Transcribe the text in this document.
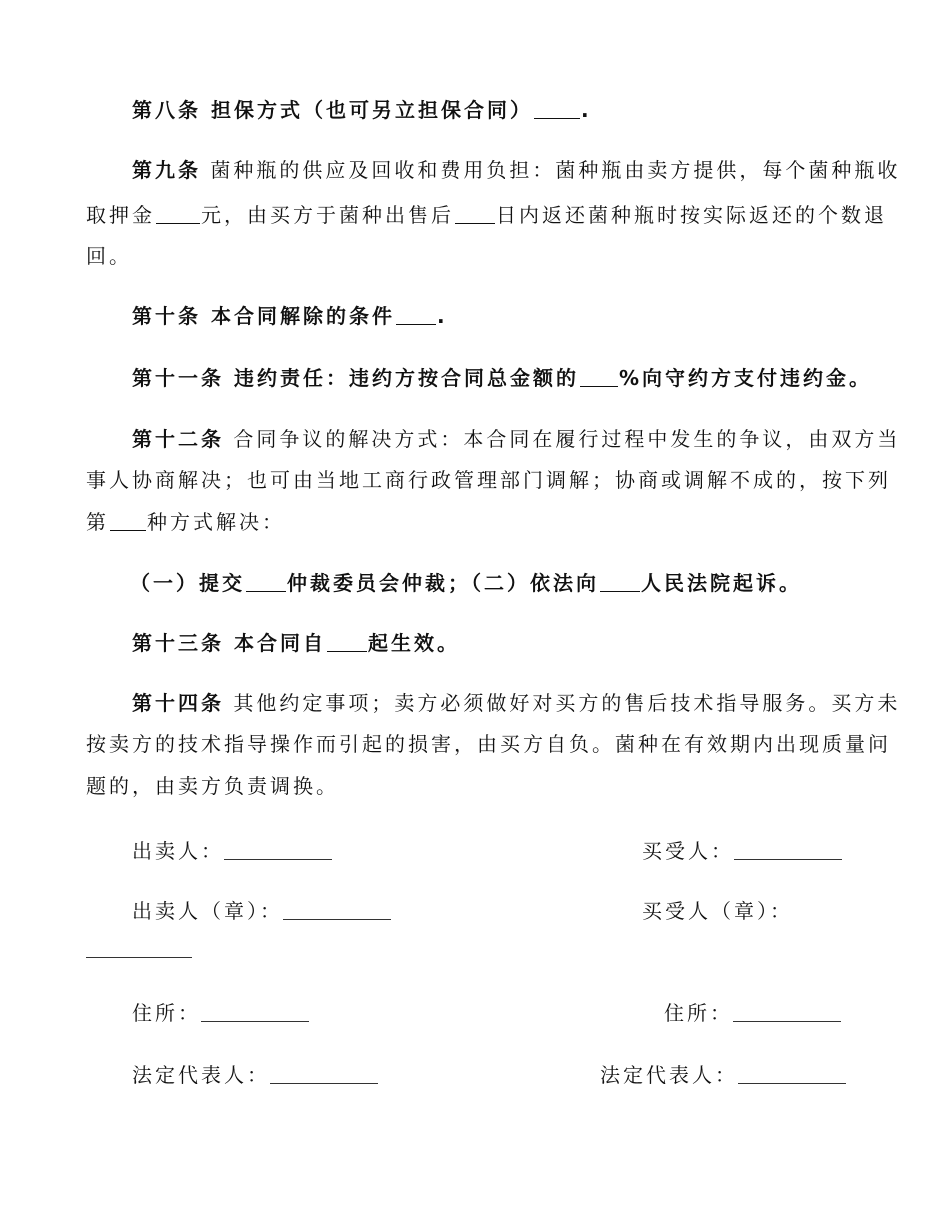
第八条 担保方式（也可另立担保合同） .
第九条 菌种瓶的供应及回收和费用负担：菌种瓶由卖方提供，每个菌种瓶收
取押金 元，由买方于菌种出售后 日内返还菌种瓶时按实际返还的个数退
回。
第十条 本合同解除的条件 .
第十一条 违约责任：违约方按合同总金额的 %向守约方支付违约金。
第十二条 合同争议的解决方式：本合同在履行过程中发生的争议，由双方当
事人协商解决；也可由当地工商行政管理部门调解；协商或调解不成的，按下列
第 种方式解决：
（一）提交 仲裁委员会仲裁；（二）依法向 人民法院起诉。
第十三条 本合同自 起生效。
第十四条 其他约定事项；卖方必须做好对买方的售后技术指导服务。买方未
按卖方的技术指导操作而引起的损害，由买方自负。菌种在有效期内出现质量问
题的，由卖方负责调换。
出卖人：	买受人：
出卖人（章）：	买受人（章）：
住所：	住所：
法定代表人：	法定代表人：
